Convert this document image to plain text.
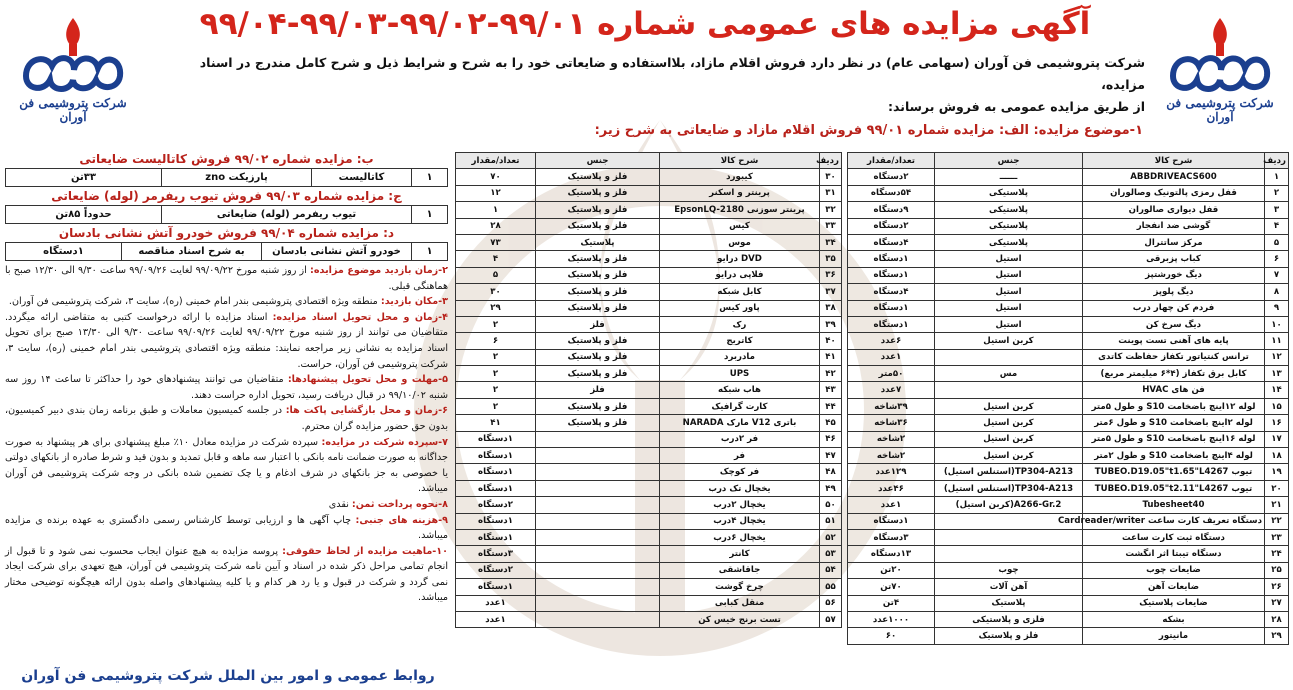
شرکت پتروشیمی فن آوران
شرکت پتروشیمی فن آوران
آگهی مزایده های عمومی شماره ۹۹/۰۱-۹۹/۰۲-۹۹/۰۳-۹۹/۰۴
شرکت پتروشیمی فن آوران (سهامی عام) در نظر دارد فروش اقلام مازاد، بلااستفاده و ضایعاتی خود را به شرح و شرایط ذیل و شرح کامل مندرج در اسناد مزایده،
از طریق مزایده عمومی به فروش برساند:
۱-موضوع مزایده: الف: مزایده شماره ۹۹/۰۱ فروش اقلام مازاد و ضایعاتی به شرح زیر:
ردیف	شرح کالا	جنس	تعداد/مقدار
۱	ABBDRIVEACS600	ــــــ	۲دستگاه
۲	قفل رمزی پالتونیک وصالوران	پلاستیکی	۵۴دستگاه
۳	قفل دیواری صالوران	پلاستیکی	۹دستگاه
۴	گوشی ضد انفجار	پلاستیکی	۲دستگاه
۵	مرکز ساتترال	پلاستیکی	۴دستگاه
۶	کباب پزبرقی	استیل	۱دستگاه
۷	دیگ خورشتپز	استیل	۱دستگاه
۸	دیگ پلوپز	استیل	۴دستگاه
۹	فردم کن چهار درب	استیل	۱دستگاه
۱۰	دیگ سرخ کن	استیل	۱دستگاه
۱۱	پایه های آهنی تست پوینت	کربن استیل	۶عدد
۱۲	ترانس کنتیاتور تکفاز حفاظت کاتدی		۱عدد
۱۳	کابل برق تکفاز (۴*۶ میلیمتر مربع)	مس	۵۰متر
۱۴	فن های HVAC		۷عدد
۱۵	لوله ۱۲اینچ باضخامت S10 و طول ۵متر	کربن استیل	۳۹شاخه
۱۶	لوله ۲اینچ باضخامت S10 و طول ۶متر	کربن استیل	۳۶شاخه
۱۷	لوله ۱۶اینچ باضخامت S10 و طول ۵متر	کربن استیل	۲شاخه
۱۸	لوله ۴اینچ باضخامت S10 و طول ۲متر	کربن استیل	۲شاخه
۱۹	تیوب TUBEO.D19.05"t1.65"L4267	TP304-A213(استنلس استیل)	۱۲۹عدد
۲۰	تیوب TUBEO.D19.05"t2.11"L4267	TP304-A213(استنلس استیل)	۴۶عدد
۲۱	Tubesheet40	A266-Gr.2(کربن استیل)	۱عدد
۲۲	دستگاه تعریف کارت ساعت Cardreader/writer		۱دستگاه
۲۳	دستگاه ثبت کارت ساعت		۳دستگاه
۲۴	دستگاه تیبتا اثر انگشت		۱۳دستگاه
۲۵	ضایعات چوب	چوب	۲۰تن
۲۶	ضایعات آهن	آهن آلات	۷۰تن
۲۷	ضایعات پلاستیک	پلاستیک	۴تن
۲۸	بشکه	فلزی و پلاستیکی	۱۰۰۰عدد
۲۹	مانیتور	فلز و پلاستیک	۶۰
ردیف	شرح کالا	جنس	تعداد/مقدار
۳۰	کیبورد	فلز و پلاستیک	۷۰
۳۱	پرینتر و اسکنر	فلز و پلاستیک	۱۲
۳۲	پرینتر سوزنی EpsonLQ-2180	فلز و پلاستیک	۱
۳۳	کیس	فلز و پلاستیک	۲۸
۳۴	موس	پلاستیک	۷۳
۳۵	DVD درایو	فلز و پلاستیک	۴
۳۶	فلاپی درایو	فلز و پلاستیک	۵
۳۷	کابل شبکه	فلز و پلاستیک	۳۰
۳۸	پاور کیس	فلز و پلاستیک	۲۹
۳۹	رک	فلز	۲
۴۰	کاتریج	فلز و پلاستیک	۶
۴۱	مادربرد	فلز و پلاستیک	۲
۴۲	UPS	فلز و پلاستیک	۲
۴۳	هاب شبکه	فلز	۲
۴۴	کارت گرافیک	فلز و پلاستیک	۲
۴۵	باتری V12 مارک NARADA	فلز و پلاستیک	۴۱
۴۶	فر ۲درب		۱دستگاه
۴۷	فر		۱دستگاه
۴۸	فر کوچک		۱دستگاه
۴۹	یخچال تک درب		۱دستگاه
۵۰	یخچال ۲درب		۲دستگاه
۵۱	یخچال ۴درب		۱دستگاه
۵۲	یخچال ۶درب		۱دستگاه
۵۳	کانتر		۳دستگاه
۵۴	جاقاشقی		۲دستگاه
۵۵	چرخ گوشت		۱دستگاه
۵۶	منقل کبابی		۱عدد
۵۷	تست برنج خیس کن		۱عدد
ب: مزایده شماره ۹۹/۰۲ فروش کاتالیست ضایعاتی
۱	کاتالیست	پارزیکت zno	۳۳تن
ج: مزایده شماره ۹۹/۰۳ فروش تیوب ریفرمر (لوله) ضایعاتی
۱	تیوب ریفرمر (لوله) ضایعاتی	حدوداً ۸۵تن
د: مزایده شماره ۹۹/۰۴ فروش خودرو آتش نشانی بادسان
۱	خودرو آتش نشانی بادسان	به شرح اسناد مناقصه	۱دستگاه

۲-زمان بازدید موضوع مزایده: از روز شنبه مورخ ۹۹/۰۹/۲۲ لغایت ۹۹/۰۹/۲۶ ساعت ۹/۳۰ الی ۱۲/۳۰ صبح با هماهنگی قبلی.

۳-مکان بازدید: منطقه ویژه اقتصادی پتروشیمی بندر امام خمینی (ره)، سایت ۳، شرکت پتروشیمی فن آوران.

۴-زمان و محل تحویل اسناد مزایده: اسناد مزایده با ارائه درخواست کتبی به متقاضی ارائه میگردد. متقاضیان می توانند از روز شنبه مورخ ۹۹/۰۹/۲۲ لغایت ۹۹/۰۹/۲۶ ساعت ۹/۳۰ الی ۱۳/۳۰ صبح برای تحویل اسناد مزایده به نشانی زیر مراجعه نمایند: منطقه ویژه اقتصادی پتروشیمی بندر امام خمینی (ره)، سایت ۳، شرکت پتروشیمی فن آوران، حراست.

۵-مهلت و محل تحویل پیشنهادها: متقاضیان می توانند پیشنهادهای خود را حداکثر تا ساعت ۱۴ روز سه شنبه ۹۹/۱۰/۰۲ در قبال دریافت رسید، تحویل اداره حراست دهند.

۶-زمان و محل بازگشایی پاکت ها: در جلسه کمیسیون معاملات و طبق برنامه زمان بندی دبیر کمیسیون، بدون حق حضور مزایده گران محترم.

۷-سپرده شرکت در مزایده: سپرده شرکت در مزایده معادل ۱۰٪ مبلغ پیشنهادی برای هر پیشنهاد به صورت جداگانه به صورت ضمانت نامه بانکی با اعتبار سه ماهه و قابل تمدید و بدون قید و شرط صادره از بانکهای دولتی یا خصوصی به جز بانکهای در شرف ادغام و یا چک تضمین شده بانکی در وجه شرکت پتروشیمی فن آوران میباشد.

۸-نحوه پرداخت ثمن: نقدی

۹-هزینه های جنبی: چاپ آگهی ها و ارزیابی توسط کارشناس رسمی دادگستری به عهده برنده ی مزایده میباشد.

۱۰-ماهیت مزایده از لحاظ حقوقی: پروسه مزایده به هیچ عنوان ایجاب محسوب نمی شود و تا قبول از انجام تمامی مراحل ذکر شده در اسناد و آیین نامه شرکت پتروشیمی فن آوران، هیچ تعهدی برای شرکت ایجاد نمی گردد و شرکت در قبول و یا رد هر کدام و یا کلیه پیشنهادهای واصله بدون ارائه هیچگونه توضیحی مختار میباشد.

روابط عمومی و امور بین الملل شرکت پتروشیمی فن آوران
